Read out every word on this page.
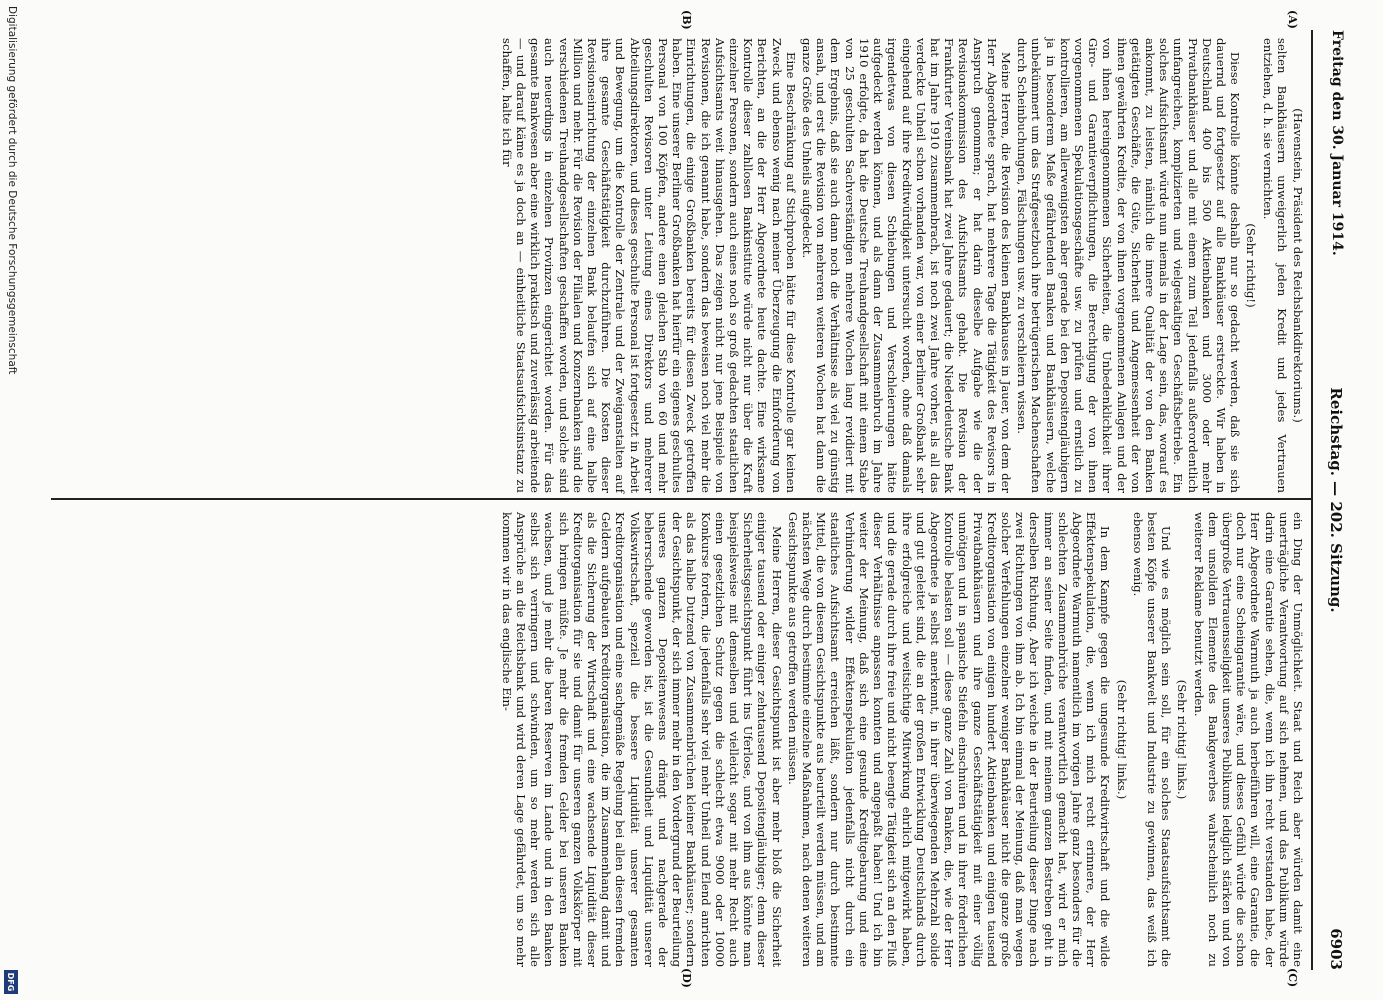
6903
Reichstag. — 202. Sitzung.
Freitag den 30. Januar 1914.
(A)
(B)
(C)
(D)

(Havenstein, Präsident des Reichsbankdirektoriums.)

selten Bankhäusern unweigerlich jeden Kredit und jedes Vertrauen entziehen, d. h. sie vernichten.

(Sehr richtig!)

Diese Kontrolle könnte deshalb nur so gedacht werden, daß sie sich dauernd und fortgesetzt auf alle Bankhäuser erstreckte. Wir haben in Deutschland 400 bis 500 Aktienbanken und 3000 oder mehr Privatbankhäuser und alle mit einem zum Teil jedenfalls außerordentlich umfangreichen, komplizierten und vielgestaltigen Geschäftsbetriebe. Ein solches Aufsichtsamt würde nun niemals in der Lage sein, das, worauf es ankommt, zu leisten, nämlich die innere Qualität der von den Banken getätigten Geschäfte, die Güte, Sicherheit und Angemessenheit der von ihnen gewährten Kredite, der von ihnen vorgenommenen Anlagen und der von ihnen hereingenommenen Sicherheiten, die Unbedenklichkeit ihrer Giro- und Garantieverpflichtungen, die Berechtigung der von ihnen vorgenommenen Spekulationsgeschäfte usw. zu prüfen und ernstlich zu kontrollieren, am allerwenigsten aber gerade bei den Depositengläubigern ja in besonderem Maße gefährdenden Banken und Bankhäusern, welche unbekümmert um das Strafgesetzbuch ihre betrügerischen Machenschaften durch Scheinbuchungen, Fälschungen usw. zu verschleiern wissen.

Meine Herren, die Revision des kleinen Bankhauses in Jauer, von dem der Herr Abgeordnete sprach, hat mehrere Tage die Tätigkeit des Revisors in Anspruch genommen; er hat darin dieselbe Aufgabe wie die der Revisionskommission des Aufsichtsamts gehabt. Die Revision der Frankfurter Vereinsbank hat zwei Jahre gedauert; die Niederdeutsche Bank hat im Jahre 1910 zusammenbrach, ist noch zwei Jahre vorher, als all das verdeckte Unheil schon vorhanden war, von einer Berliner Großbank sehr eingehend auf ihre Kreditwürdigkeit untersucht worden, ohne daß damals irgendetwas von diesen Schiebungen und Verschleierungen hätte aufgedeckt werden können, und als dann der Zusammenbruch im Jahre 1910 erfolgte, da hat die Deutsche Treuhandgesellschaft mit einem Stabe von 25 geschulten Sachverständigen mehrere Wochen lang revidiert mit dem Ergebnis, daß sie auch dann noch die Verhältnisse als viel zu günstig ansah, und erst die Revision von mehreren weiteren Wochen hat dann die ganze Größe des Unheils aufgedeckt.

Eine Beschränkung auf Stichproben hätte für diese Kontrolle gar keinen Zweck und ebenso wenig nach meiner Überzeugung die Einforderung von Berichten, an die der Herr Abgeordnete heute dachte. Eine wirksame Kontrolle dieser zahllosen Bankinstitute würde nicht nur über die Kraft einzelner Personen, sondern auch eines noch so groß gedachten staatlichen Aufsichtsamts weit hinausgehen. Das zeigen nicht nur jene Beispiele von Revisionen, die ich genannt habe, sondern das beweisen noch viel mehr die Einrichtungen, die einige Großbanken bereits für diesen Zweck getroffen haben. Eine unserer Berliner Großbanken hat hierfür ein eigenes geschultes Personal von 100 Köpfen, andere einen gleichen Stab von 60 und mehr geschulten Revisoren unter Leitung eines Direktors und mehrerer Abteilungsdirektoren, und dieses geschulte Personal ist fortgesetzt in Arbeit und Bewegung, um die Kontrolle der Zentrale und der Zweiganstalten auf ihre gesamte Geschäftstätigkeit durchzuführen. Die Kosten dieser Revisionseinrichtung der einzelnen Bank belaufen sich auf eine halbe Million und mehr. Für die Revision der Filialen und Konzernbanken sind die verschiedenen Treuhandgesellschaften geschaffen worden, und solche sind auch neuerdings in einzelnen Provinzen eingerichtet worden. Für das gesamte Bankwesen aber eine wirklich praktisch und zuverlässig arbeitende — und darauf käme es ja doch an — einheitliche Staatsaufsichtsinstanz zu schaffen, halte ich für

ein Ding der Unmöglichkeit. Staat und Reich aber würden damit eine unerträgliche Verantwortung auf sich nehmen, und das Publikum würde darin eine Garantie sehen, die, wenn ich ihn recht verstanden habe, der Herr Abgeordnete Warmuth ja auch herbeiführen will, eine Garantie, die doch nur eine Scheingarantie wäre, und dieses Gefühl würde die schon übergroße Vertrauensseligkeit unseres Publikums lediglich stärken und von dem unsoliden Elemente des Bankgewerbes wahrscheinlich noch zu weiterer Reklame benutzt werden.

(Sehr richtig! links.)

Und wie es möglich sein soll, für ein solches Staatsaufsichtsamt die besten Köpfe unserer Bankwelt und Industrie zu gewinnen, das weiß ich ebenso wenig.

(Sehr richtig! links.)

In dem Kampfe gegen die ungesunde Kreditwirtschaft und die wilde Effektenspekulation, die, wenn ich mich recht erinnere, der Herr Abgeordnete Warmuth namentlich im vorigen Jahre ganz besonders für die schlechten Zusammenbrüche verantwortlich gemacht hat, wird er mich immer an seiner Seite finden, und mit meinem ganzen Bestreben geht in derselben Richtung. Aber ich weiche in der Beurteilung dieser Dinge nach zwei Richtungen von ihm ab. Ich bin einmal der Meinung, daß man wegen solcher Verfehlungen einzelner weniger Bankhäuser nicht die ganze große Kreditorganisation von einigen hundert Aktienbanken und einigen tausend Privatbankhäusern und ihre ganze Geschäftstätigkeit mit einer völlig unnötigen und in spanische Stiefeln einschnüren und in ihrer förderlichen Kontrolle belasten soll — diese ganze Zahl von Banken, die, wie der Herr Abgeordnete ja selbst anerkennt, in ihrer überwiegenden Mehrzahl solide und gut geleitet sind, die an der großen Entwicklung Deutschlands durch ihre erfolgreiche und weitsichtige Mitwirkung ehrlich mitgewirkt haben, und die gerade durch ihre freie und nicht beengte Tätigkeit sich an den Fluß dieser Verhältnisse anpassen konnten und angepaßt haben! Und ich bin weiter der Meinung, daß sich eine gesunde Kreditgebarung und eine Verhinderung wilder Effektenspekulation jedenfalls nicht durch ein staatliches Aufsichtsamt erreichen läßt, sondern nur durch bestimmte Mittel, die von diesem Gesichtspunkte aus beurteilt werden müssen, und am nächsten Wege durch bestimmte einzelne Maßnahmen, nach denen weiteren Gesichtspunkte aus getroffen werden müssen.

Meine Herren, dieser Gesichtspunkt ist aber mehr bloß die Sicherheit einiger tausend oder einiger zehntausend Depositengläubiger; denn dieser Sicherheitsgesichtspunkt führt ins Uferlose, und von ihm aus könnte man beispielsweise mit demselben und vielleicht sogar mit mehr Recht auch einen gesetzlichen Schutz gegen die schlecht etwa 9000 oder 10000 Konkurse fordern, die jedenfalls sehr viel mehr Unheil und Elend anrichten als das halbe Dutzend von Zusammenbrüchen kleiner Bankhäuser; sondern der Gesichtspunkt, der sich immer mehr in den Vordergrund der Beurteilung unseres ganzen Depositenwesens drängt und nachgerade der beherrschende geworden ist, ist die Gesundheit und Liquidität unserer Volkswirtschaft, speziell die bessere Liquidität unserer gesamten Kreditorganisation und eine sachgemäße Regelung bei allen diesen fremden Geldern aufgebauten Kreditorganisation, die im Zusammenhang damit und als die Sicherung der Wirtschaft und eine wachsende Liquidität dieser Kreditorganisation für sie und damit für unseren ganzen Volkskörper mit sich bringen müßte. Je mehr die fremden Gelder bei unseren Banken wachsen, und je mehr die baren Reserven im Lande und in den Banken selbst sich verringern und schwinden, um so mehr werden sich alle Ansprüche an die Reichsbank und wird deren Lage gefährdet, um so mehr kommen wir in das englische Ein-

Digitalisierung gefördert durch die Deutsche Forschungsgemeinschaft
DFG
